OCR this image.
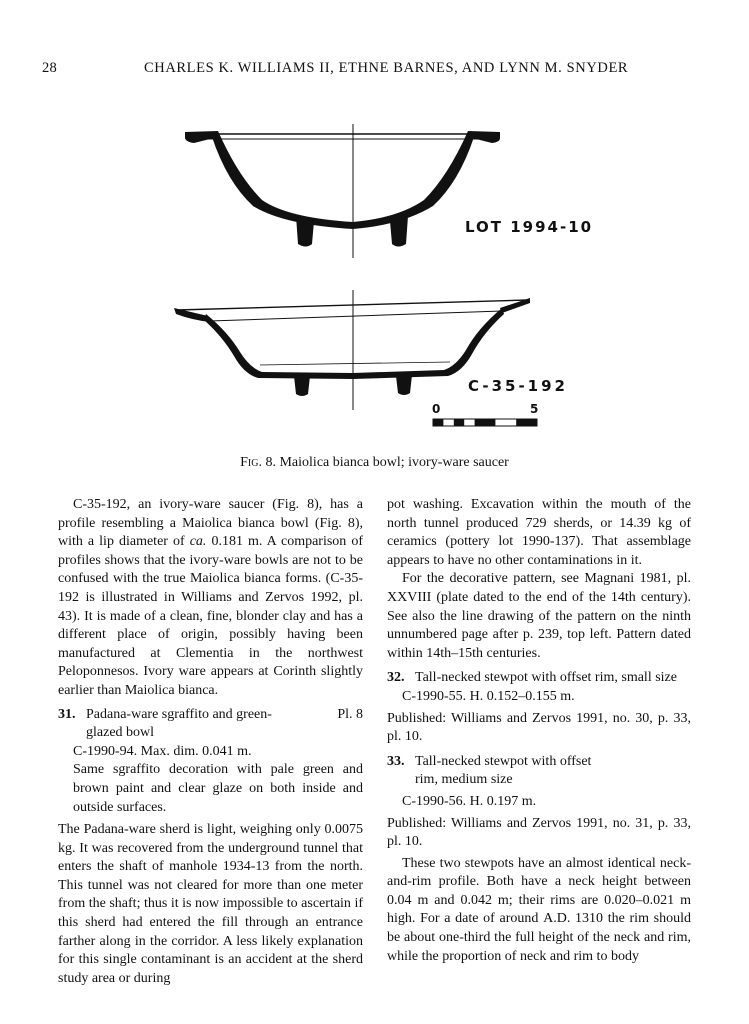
28	CHARLES K. WILLIAMS II, ETHNE BARNES, AND LYNN M. SNYDER
LOT 1994-10
C-35-192
0	5
Fig. 8. Maiolica bianca bowl; ivory-ware saucer

C-35-192, an ivory-ware saucer (Fig. 8), has a profile resembling a Maiolica bianca bowl (Fig. 8), with a lip diameter of ca. 0.181 m. A comparison of profiles shows that the ivory-ware bowls are not to be confused with the true Maiolica bianca forms. (C-35-192 is illustrated in Williams and Zervos 1992, pl. 43). It is made of a clean, fine, blonder clay and has a different place of origin, possibly having been manufactured at Clementia in the northwest Peloponnesos. Ivory ware appears at Corinth slightly earlier than Maiolica bianca.

31. Padana-ware sgraffito and green-glazed bowl
Pl. 8

C-1990-94. Max. dim. 0.041 m.

Same sgraffito decoration with pale green and brown paint and clear glaze on both inside and outside surfaces.

The Padana-ware sherd is light, weighing only 0.0075 kg. It was recovered from the underground tunnel that enters the shaft of manhole 1934-13 from the north. This tunnel was not cleared for more than one meter from the shaft; thus it is now impossible to ascertain if this sherd had entered the fill through an entrance farther along in the corridor. A less likely explanation for this single contaminant is an accident at the sherd study area or during

pot washing. Excavation within the mouth of the north tunnel produced 729 sherds, or 14.39 kg of ceramics (pottery lot 1990-137). That assemblage appears to have no other contaminations in it.

For the decorative pattern, see Magnani 1981, pl. XXVIII (plate dated to the end of the 14th century). See also the line drawing of the pattern on the ninth unnumbered page after p. 239, top left. Pattern dated within 14th–15th centuries.

32. Tall-necked stewpot with offset rim, small size

C-1990-55. H. 0.152–0.155 m.

Published: Williams and Zervos 1991, no. 30, p. 33, pl. 10.

33. Tall-necked stewpot with offset rim, medium size

C-1990-56. H. 0.197 m.

Published: Williams and Zervos 1991, no. 31, p. 33, pl. 10.

These two stewpots have an almost identical neck-and-rim profile. Both have a neck height between 0.04 m and 0.042 m; their rims are 0.020–0.021 m high. For a date of around A.D. 1310 the rim should be about one-third the full height of the neck and rim, while the proportion of neck and rim to body
